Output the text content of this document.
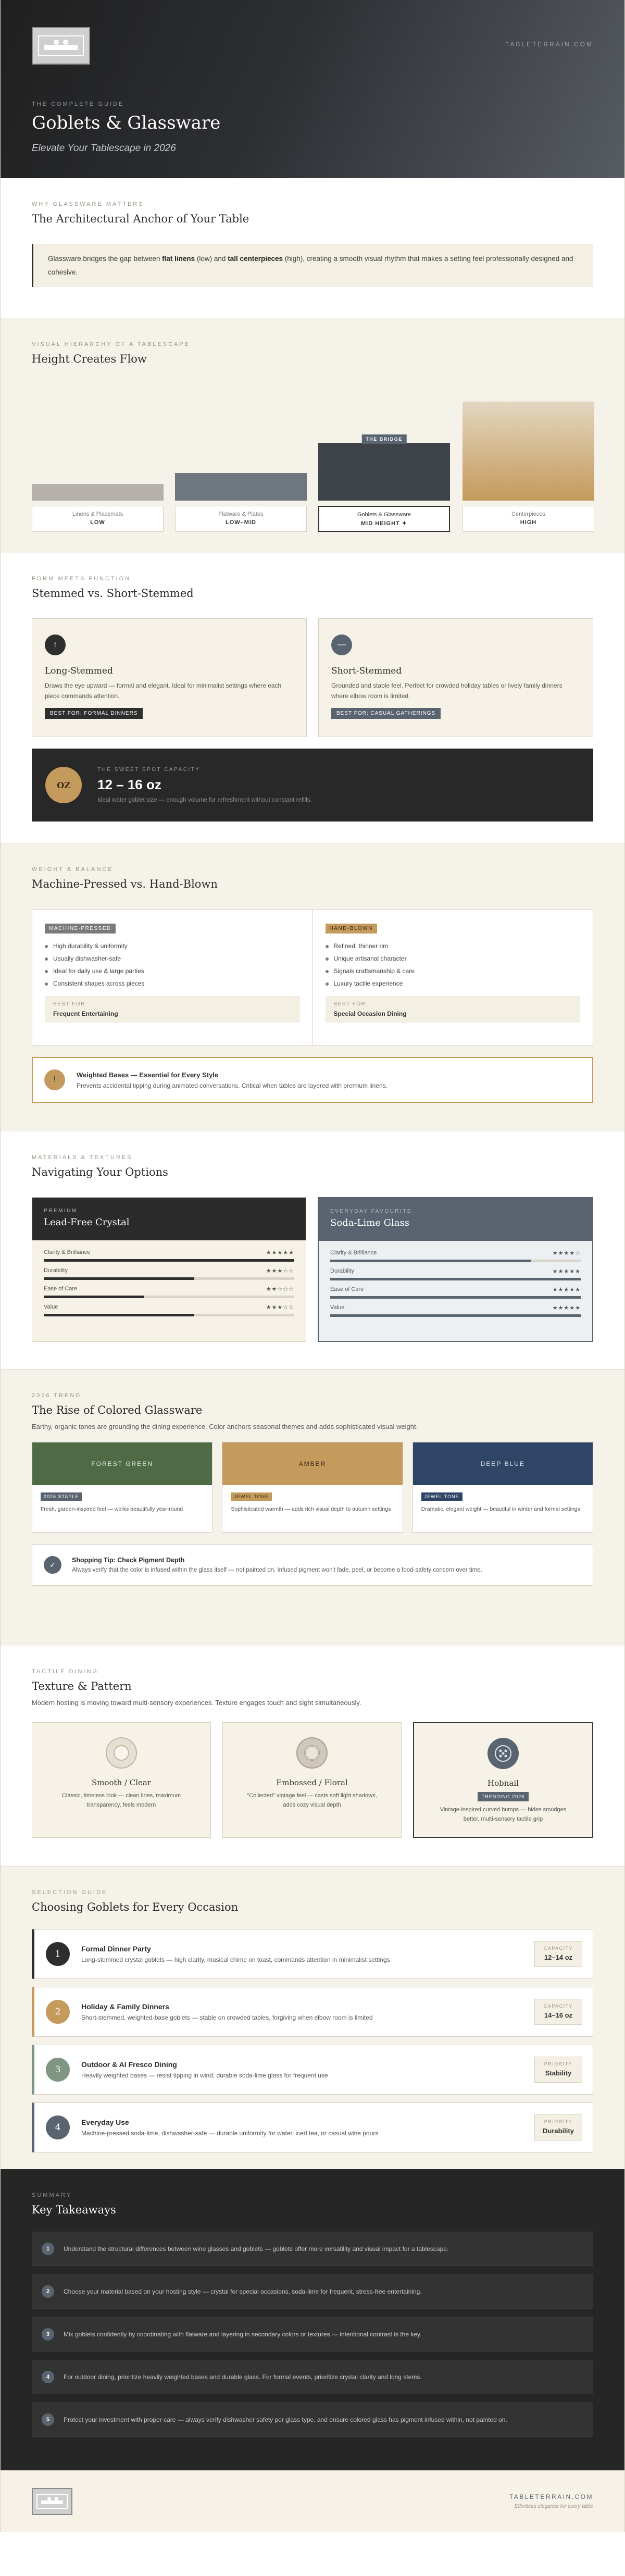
TABLETERRAIN.COM
THE COMPLETE GUIDE
Goblets & Glassware
Elevate Your Tablescape in 2026
WHY GLASSWARE MATTERS
The Architectural Anchor of Your Table
Glassware bridges the gap between flat linens (low) and tall centerpieces (high), creating a smooth visual rhythm that makes a setting feel professionally designed and cohesive.
VISUAL HIERARCHY OF A TABLESCAPE
Height Creates Flow
Linens & Placemats
LOW
Flatware & Plates
LOW–MID
THE BRIDGE
Goblets & Glassware
MID HEIGHT ✦
Centerpieces
HIGH
FORM MEETS FUNCTION
Stemmed vs. Short-Stemmed
↑
Long-Stemmed

Draws the eye upward — formal and elegant. Ideal for minimalist settings where each piece commands attention.

BEST FOR: FORMAL DINNERS
—
Short-Stemmed

Grounded and stable feel. Perfect for crowded holiday tables or lively family dinners where elbow room is limited.

BEST FOR: CASUAL GATHERINGS
OZ
THE SWEET SPOT CAPACITY
12 – 16 oz
Ideal water goblet size — enough volume for refreshment without constant refills.
WEIGHT & BALANCE
Machine-Pressed vs. Hand-Blown
MACHINE-PRESSED
High durability & uniformity
Usually dishwasher-safe
Ideal for daily use & large parties
Consistent shapes across pieces
BEST FOR
Frequent Entertaining
HAND-BLOWN
Refined, thinner rim
Unique artisanal character
Signals craftsmanship & care
Luxury tactile experience
BEST FOR
Special Occasion Dining
!
Weighted Bases — Essential for Every Style
Prevents accidental tipping during animated conversations. Critical when tables are layered with premium linens.
MATERIALS & TEXTURES
Navigating Your Options
PREMIUM
Lead-Free Crystal
Clarity & Brilliance	★★★★★
Durability	★★★☆☆
Ease of Care	★★☆☆☆
Value	★★★☆☆
EVERYDAY FAVOURITE
Soda-Lime Glass
Clarity & Brilliance	★★★★☆
Durability	★★★★★
Ease of Care	★★★★★
Value	★★★★★
2026 TREND
The Rise of Colored Glassware
Earthy, organic tones are grounding the dining experience. Color anchors seasonal themes and adds sophisticated visual weight.
FOREST GREEN
2026 STAPLE
Fresh, garden-inspired feel — works beautifully year-round
AMBER
JEWEL TONE
Sophisticated warmth — adds rich visual depth to autumn settings
DEEP BLUE
JEWEL TONE
Dramatic, elegant weight — beautiful in winter and formal settings
✓
Shopping Tip: Check Pigment Depth
Always verify that the color is infused within the glass itself — not painted on. Infused pigment won't fade, peel, or become a food-safety concern over time.
TACTILE DINING
Texture & Pattern
Modern hosting is moving toward multi-sensory experiences. Texture engages touch and sight simultaneously.
Smooth / Clear

Classic, timeless look — clean lines, maximum transparency, feels modern

Embossed / Floral

"Collected" vintage feel — casts soft light shadows, adds cozy visual depth

Hobnail
TRENDING 2026

Vintage-inspired curved bumps — hides smudges better, multi-sensory tactile grip

SELECTION GUIDE
Choosing Goblets for Every Occasion
1	Formal Dinner Party
Long-stemmed crystal goblets — high clarity, musical chime on toast, commands attention in minimalist settings
CAPACITY
12–14 oz
2	Holiday & Family Dinners
Short-stemmed, weighted-base goblets — stable on crowded tables, forgiving when elbow room is limited
CAPACITY
14–16 oz
3	Outdoor & Al Fresco Dining
Heavily weighted bases — resist tipping in wind; durable soda-lime glass for frequent use
PRIORITY
Stability
4	Everyday Use
Machine-pressed soda-lime, dishwasher-safe — durable uniformity for water, iced tea, or casual wine pours
PRIORITY
Durability
SUMMARY
Key Takeaways
1	Understand the structural differences between wine glasses and goblets — goblets offer more versatility and visual impact for a tablescape.
2	Choose your material based on your hosting style — crystal for special occasions, soda-lime for frequent, stress-free entertaining.
3	Mix goblets confidently by coordinating with flatware and layering in secondary colors or textures — intentional contrast is the key.
4	For outdoor dining, prioritize heavily weighted bases and durable glass. For formal events, prioritize crystal clarity and long stems.
5	Protect your investment with proper care — always verify dishwasher safety per glass type, and ensure colored glass has pigment infused within, not painted on.
TABLETERRAIN.COM
Effortless elegance for every table
